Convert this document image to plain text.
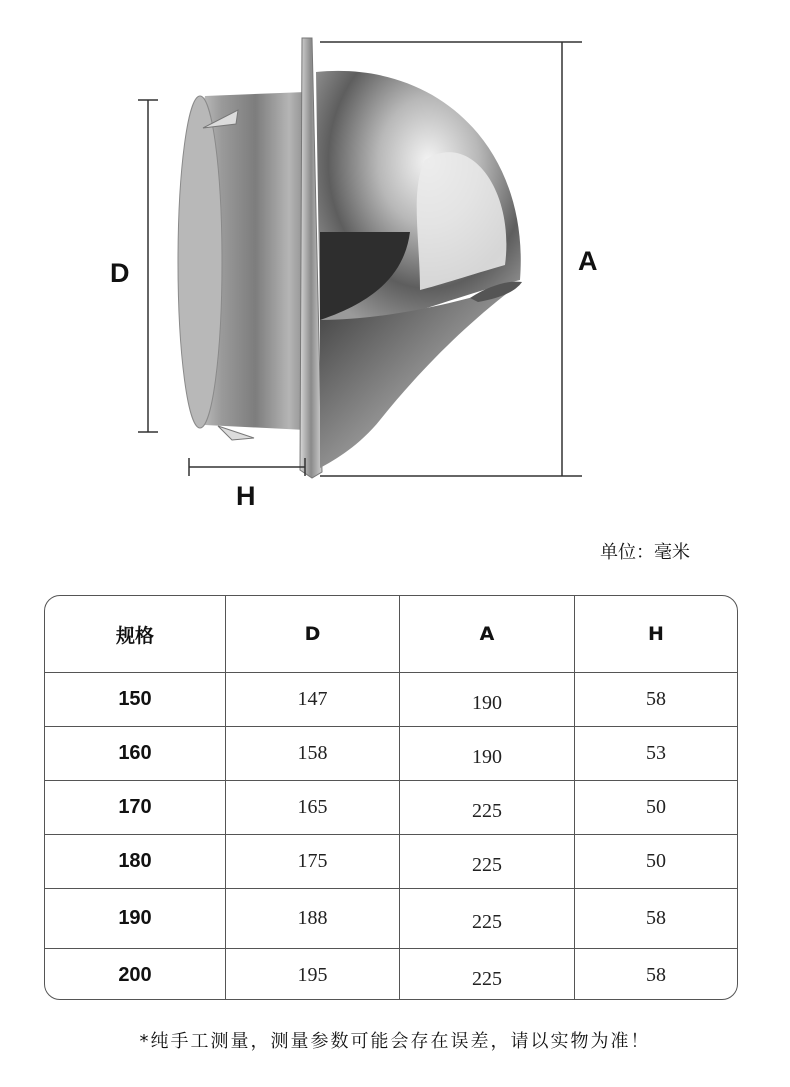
D	A
H
单位：毫米
规格	D	A	H
150	147	190	58
160	158	190	53
170	165	225	50
180	175	225	50
190	188	225	58
200	195	225	58
*纯手工测量，测量参数可能会存在误差，请以实物为准！
